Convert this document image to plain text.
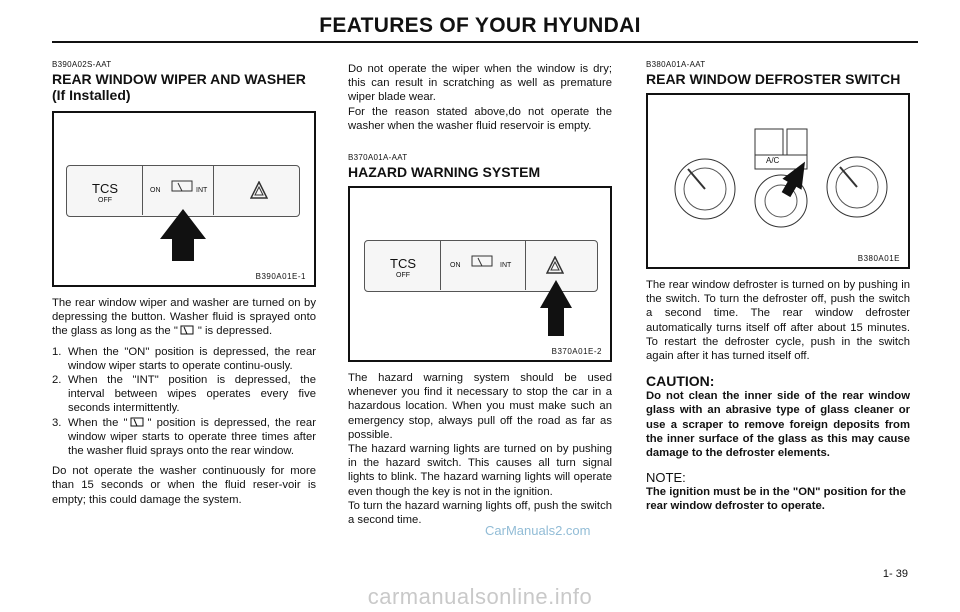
FEATURES OF YOUR HYUNDAI
B390A02S-AAT
REAR WINDOW WIPER AND WASHER
(If Installed)
TCS
OFF
ON	INT
B390A01E-1

The rear window wiper and washer are turned on by depressing the button. Washer fluid is sprayed onto the glass as long as the " " is depressed.

1. When the "ON" position is depressed, the rear window wiper starts to operate continu-ously.
2. When the "INT" position is depressed, the interval between wipes operates every five seconds intermittently.
3. When the " " position is depressed, the rear window wiper starts to operate three times after the washer fluid sprays onto the rear window.

Do not operate the washer continuously for more than 15 seconds or when the fluid reser-voir is empty; this could damage the system.

Do not operate the wiper when the window is dry; this can result in scratching as well as premature wiper blade wear.

For the reason stated above,do not operate the washer when the washer fluid reservoir is empty.

B370A01A-AAT
HAZARD WARNING SYSTEM
TCS
OFF
ON	INT
B370A01E-2

The hazard warning system should be used whenever you find it necessary to stop the car in a hazardous location. When you must make such an emergency stop, always pull off the road as far as possible.

The hazard warning lights are turned on by pushing in the hazard switch. This causes all turn signal lights to blink. The hazard warning lights will operate even though the key is not in the ignition.

To turn the hazard warning lights off, push the switch a second time.

B380A01A-AAT
REAR WINDOW DEFROSTER SWITCH
A/C
B380A01E

The rear window defroster is turned on by pushing in the switch. To turn the defroster off, push the switch a second time. The rear window defroster automatically turns itself off after about 15 minutes. To restart the defroster cycle, push in the switch again after it has turned itself off.

CAUTION:
Do not clean the inner side of the rear window glass with an abrasive type of glass cleaner or use a scraper to remove foreign deposits from the inner surface of the glass as this may cause damage to the defroster elements.
NOTE:
The ignition must be in the "ON" position for the rear window defroster to operate.
CarManuals2.com
1- 39
carmanualsonline.info
